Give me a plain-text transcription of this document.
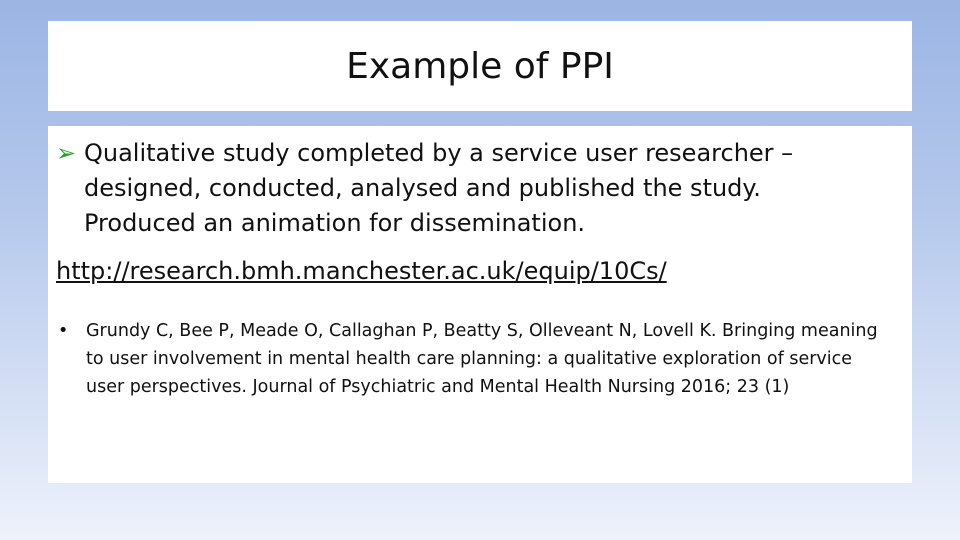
Example of PPI
➢ Qualitative study completed by a service user researcher – designed, conducted, analysed and published the study. Produced an animation for dissemination.
http://research.bmh.manchester.ac.uk/equip/10Cs/
•	Grundy C, Bee P, Meade O, Callaghan P, Beatty S, Olleveant N, Lovell K. Bringing meaning to user involvement in mental health care planning: a qualitative exploration of service user perspectives. Journal of Psychiatric and Mental Health Nursing 2016; 23 (1)
